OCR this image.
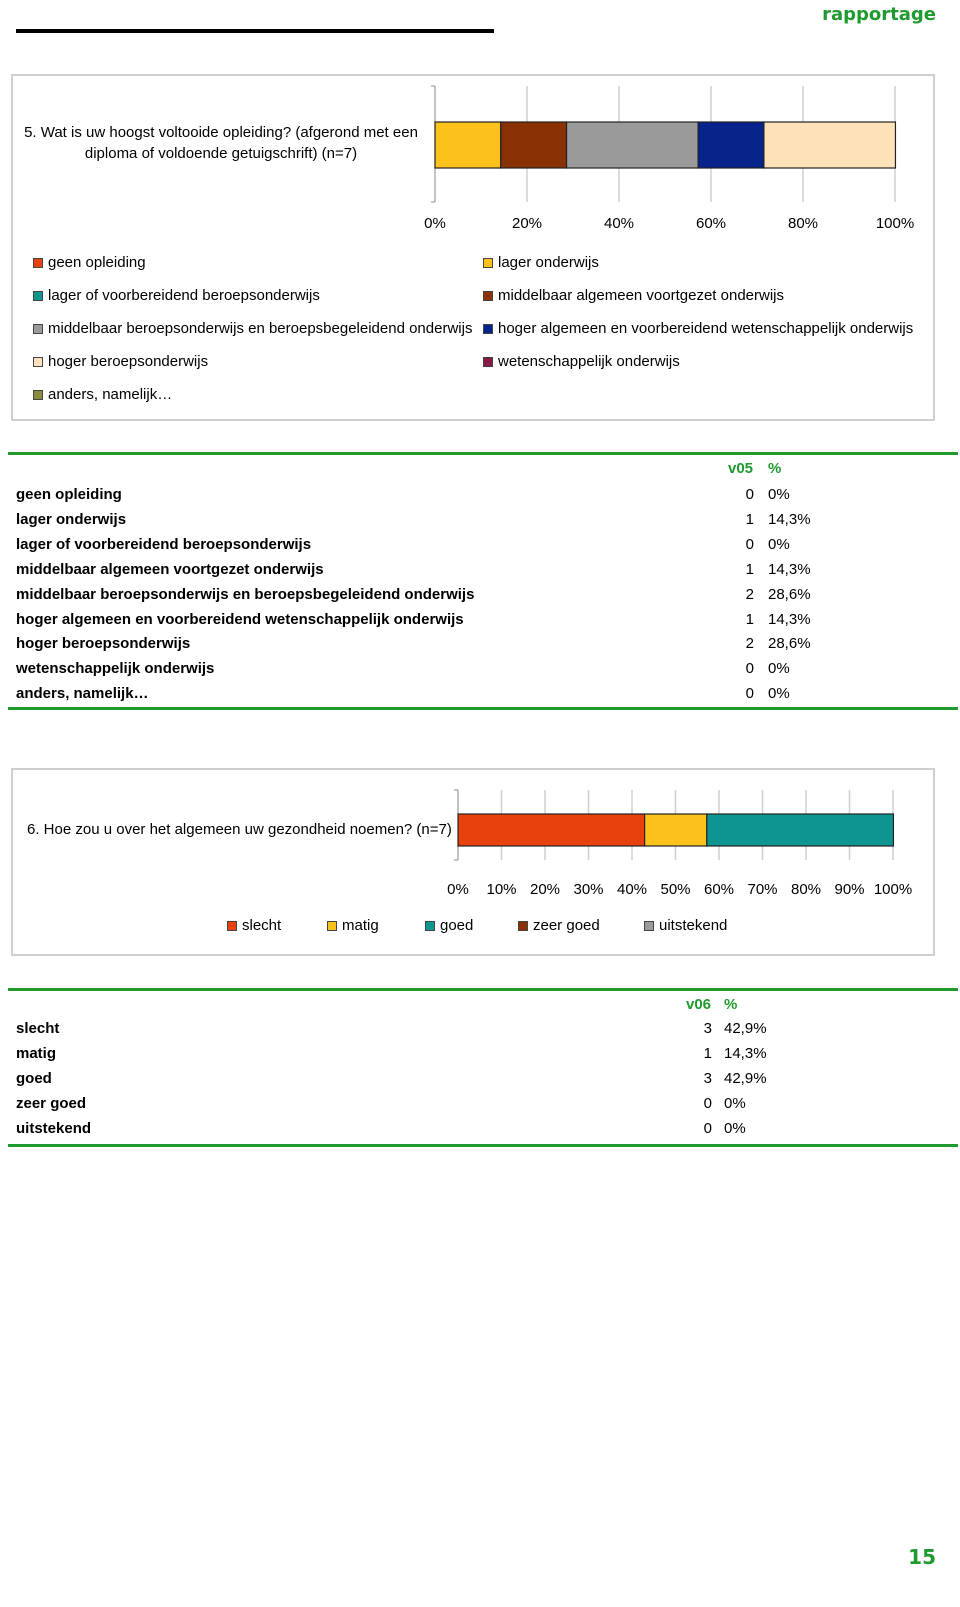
rapportage
5. Wat is uw hoogst voltooide opleiding? (afgerond met een diploma of voldoende getuigschrift) (n=7)
0%	20%	40%	60%	80%	100%
geen opleiding	lager onderwijs
lager of voorbereidend beroepsonderwijs	middelbaar algemeen voortgezet onderwijs
middelbaar beroepsonderwijs en beroepsbegeleidend onderwijs hoger algemeen en voorbereidend wetenschappelijk onderwijs
hoger beroepsonderwijs	wetenschappelijk onderwijs
anders, namelijk…
v05 %
geen opleiding	0 0%
lager onderwijs	1 14,3%
lager of voorbereidend beroepsonderwijs	0 0%
middelbaar algemeen voortgezet onderwijs	1 14,3%
middelbaar beroepsonderwijs en beroepsbegeleidend onderwijs	2 28,6%
hoger algemeen en voorbereidend wetenschappelijk onderwijs	1 14,3%
hoger beroepsonderwijs	2 28,6%
wetenschappelijk onderwijs	0 0%
anders, namelijk…	0 0%
6. Hoe zou u over het algemeen uw gezondheid noemen? (n=7)
0% 10% 20% 30% 40% 50% 60% 70% 80% 90% 100%
slecht	matig	goed	zeer goed	uitstekend
v06 %
slecht	3 42,9%
matig	1 14,3%
goed	3 42,9%
zeer goed	0 0%
uitstekend	0 0%
15
